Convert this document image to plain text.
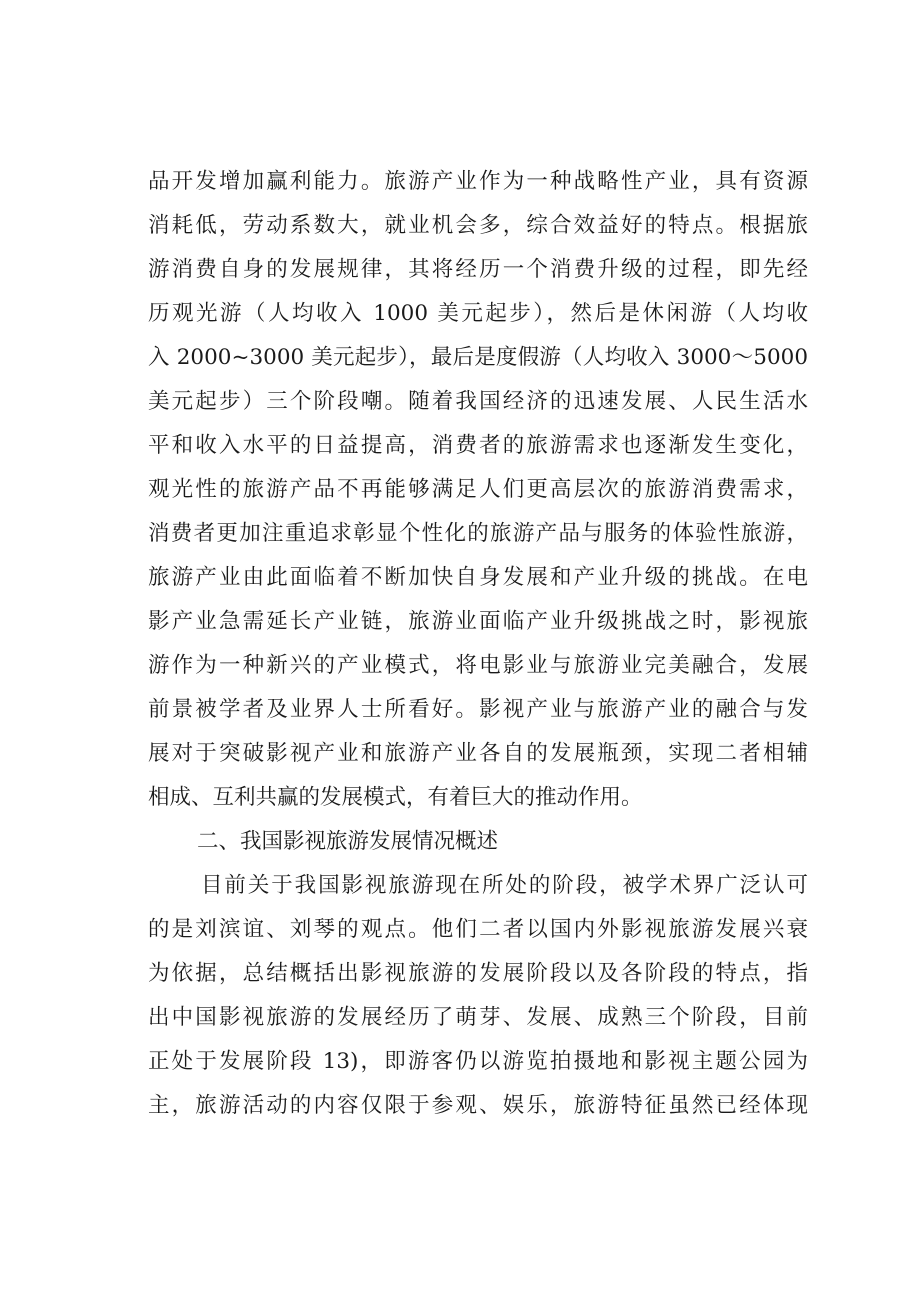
品开发增加赢利能力。旅游产业作为一种战略性产业，具有资源
消耗低，劳动系数大，就业机会多，综合效益好的特点。根据旅
游消费自身的发展规律，其将经历一个消费升级的过程，即先经
历观光游（人均收入 1000 美元起步），然后是休闲游（人均收
入 2000~3000 美元起步），最后是度假游（人均收入 3000～5000
美元起步）三个阶段嘲。随着我国经济的迅速发展、人民生活水
平和收入水平的日益提高，消费者的旅游需求也逐渐发生变化，
观光性的旅游产品不再能够满足人们更高层次的旅游消费需求，
消费者更加注重追求彰显个性化的旅游产品与服务的体验性旅游，
旅游产业由此面临着不断加快自身发展和产业升级的挑战。在电
影产业急需延长产业链，旅游业面临产业升级挑战之时，影视旅
游作为一种新兴的产业模式，将电影业与旅游业完美融合，发展
前景被学者及业界人士所看好。影视产业与旅游产业的融合与发
展对于突破影视产业和旅游产业各自的发展瓶颈，实现二者相辅
相成、互利共赢的发展模式，有着巨大的推动作用。
二、我国影视旅游发展情况概述
目前关于我国影视旅游现在所处的阶段，被学术界广泛认可
的是刘滨谊、刘琴的观点。他们二者以国内外影视旅游发展兴衰
为依据，总结概括出影视旅游的发展阶段以及各阶段的特点，指
出中国影视旅游的发展经历了萌芽、发展、成熟三个阶段，目前
正处于发展阶段 13)，即游客仍以游览拍摄地和影视主题公园为
主，旅游活动的内容仅限于参观、娱乐，旅游特征虽然已经体现
